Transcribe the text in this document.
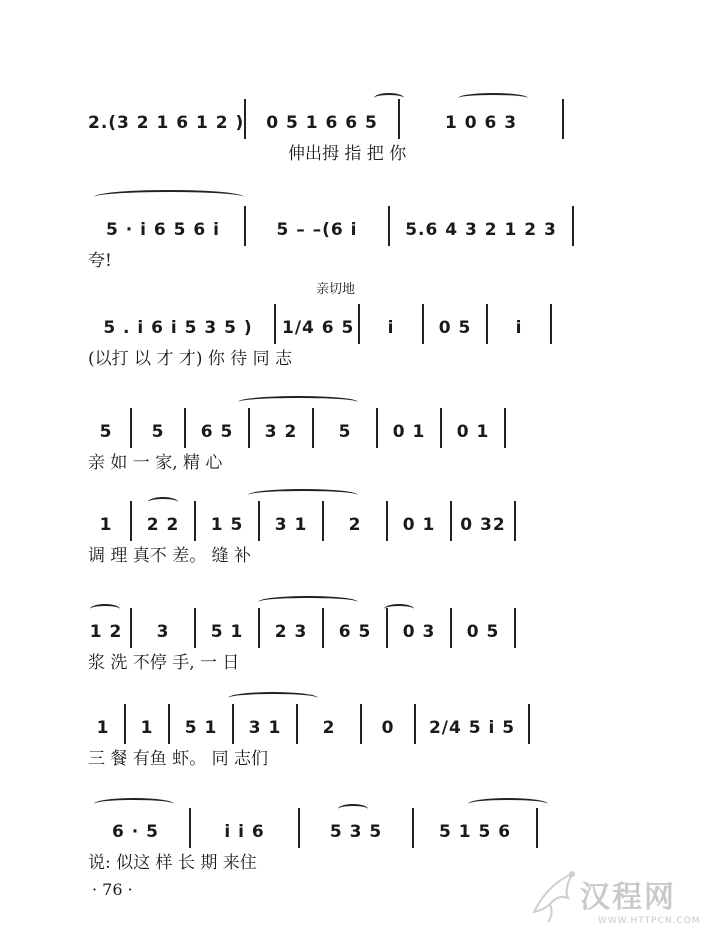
2.(3 2 1 6 1 2 ) 0 5 1 6 6 5	1 0 6 3
伸出拇 指 把 你
5 · i 6 5 6 i	5 – –(6 i	5.6 4 3 2 1 2 3
夸!
亲切地
5 . i 6 i 5 3 5 ) 1/4 6 5 i	0 5	i
(以打 以 才 才) 你 待 同 志
5 5 6 5 3 2 5 0 1 0 1
亲 如 一 家, 精 心
1 2 2 1 5 3 1 2 0 1 0 32
调 理 真不 差。 缝 补
1 2 3 5 1 2 3 6 5 0 3 0 5
浆 洗 不停 手, 一 日
1 1 5 1 3 1 2	0 2/4 5 i 5
三 餐 有鱼 虾。 同 志们
6 · 5	i i 6	5 3 5	5 1 5 6
说: 似这 样 长 期 来住
· 76 ·	汉程网
WWW.HTTPCN.COM
